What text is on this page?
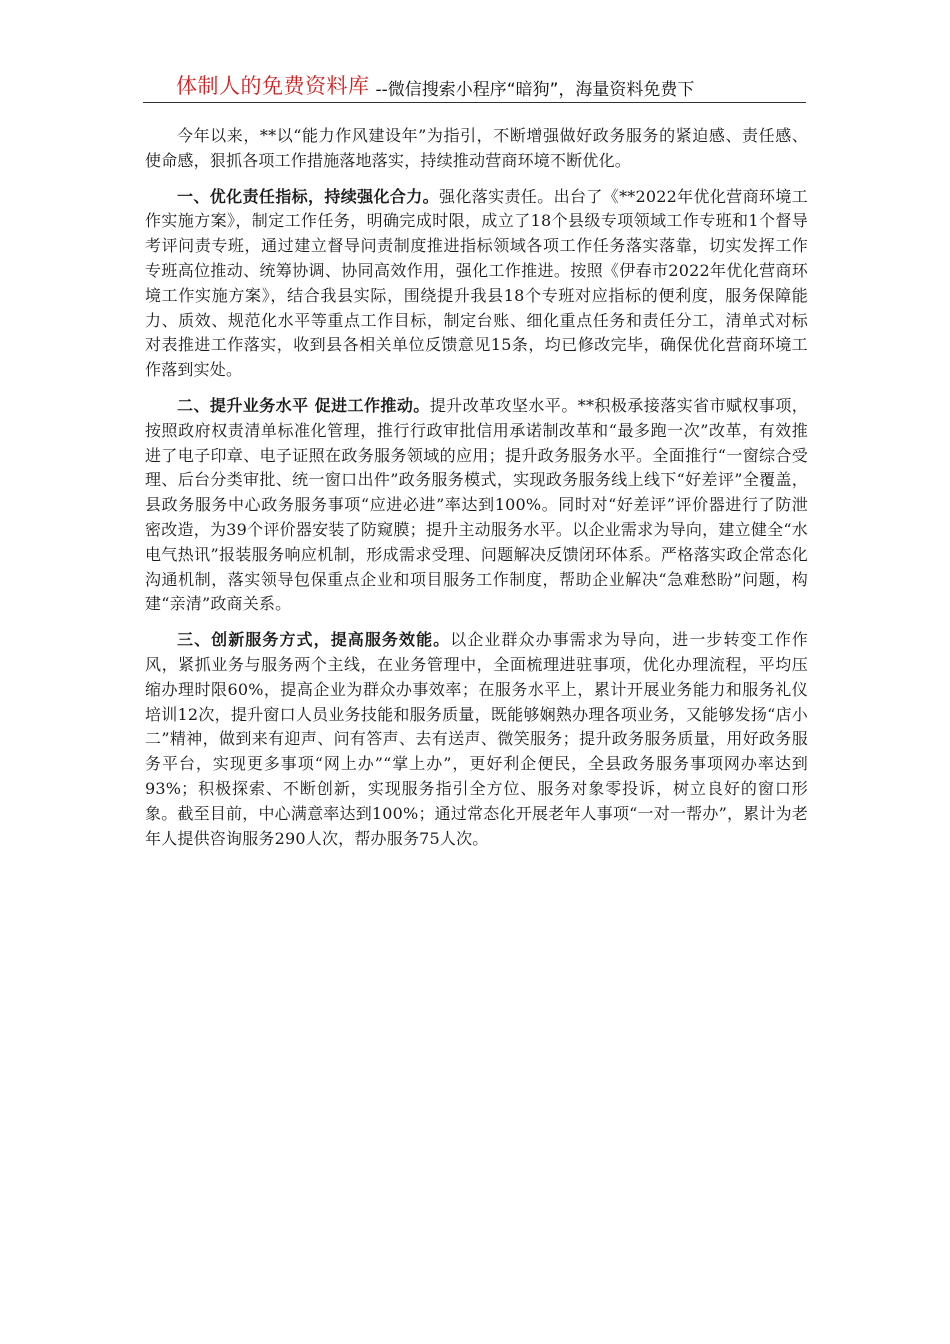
体制人的免费资料库 --微信搜索小程序“暗狗”，海量资料免费下

今年以来，**以“能力作风建设年”为指引，不断增强做好政务服务的紧迫感、责任感、使命感，狠抓各项工作措施落地落实，持续推动营商环境不断优化。

一、优化责任指标，持续强化合力。强化落实责任。出台了《**2022年优化营商环境工作实施方案》，制定工作任务，明确完成时限，成立了18个县级专项领域工作专班和1个督导考评问责专班，通过建立督导问责制度推进指标领域各项工作任务落实落靠，切实发挥工作专班高位推动、统筹协调、协同高效作用，强化工作推进。按照《伊春市2022年优化营商环境工作实施方案》，结合我县实际，围绕提升我县18个专班对应指标的便利度，服务保障能力、质效、规范化水平等重点工作目标，制定台账、细化重点任务和责任分工，清单式对标对表推进工作落实，收到县各相关单位反馈意见15条，均已修改完毕，确保优化营商环境工作落到实处。

二、提升业务水平 促进工作推动。提升改革攻坚水平。**积极承接落实省市赋权事项，按照政府权责清单标准化管理，推行行政审批信用承诺制改革和“最多跑一次”改革，有效推进了电子印章、电子证照在政务服务领域的应用；提升政务服务水平。全面推行“一窗综合受理、后台分类审批、统一窗口出件”政务服务模式，实现政务服务线上线下“好差评”全覆盖，县政务服务中心政务服务事项“应进必进”率达到100%。同时对“好差评”评价器进行了防泄密改造，为39个评价器安装了防窥膜；提升主动服务水平。以企业需求为导向，建立健全“水电气热讯”报装服务响应机制，形成需求受理、问题解决反馈闭环体系。严格落实政企常态化沟通机制，落实领导包保重点企业和项目服务工作制度，帮助企业解决“急难愁盼”问题，构建“亲清”政商关系。

三、创新服务方式，提高服务效能。以企业群众办事需求为导向，进一步转变工作作风，紧抓业务与服务两个主线，在业务管理中，全面梳理进驻事项，优化办理流程，平均压缩办理时限60%，提高企业为群众办事效率；在服务水平上，累计开展业务能力和服务礼仪培训12次，提升窗口人员业务技能和服务质量，既能够娴熟办理各项业务，又能够发扬“店小二”精神，做到来有迎声、问有答声、去有送声、微笑服务；提升政务服务质量，用好政务服务平台，实现更多事项“网上办”“掌上办”，更好利企便民，全县政务服务事项网办率达到93%；积极探索、不断创新，实现服务指引全方位、服务对象零投诉，树立良好的窗口形象。截至目前，中心满意率达到100%；通过常态化开展老年人事项“一对一帮办”，累计为老年人提供咨询服务290人次，帮办服务75人次。
